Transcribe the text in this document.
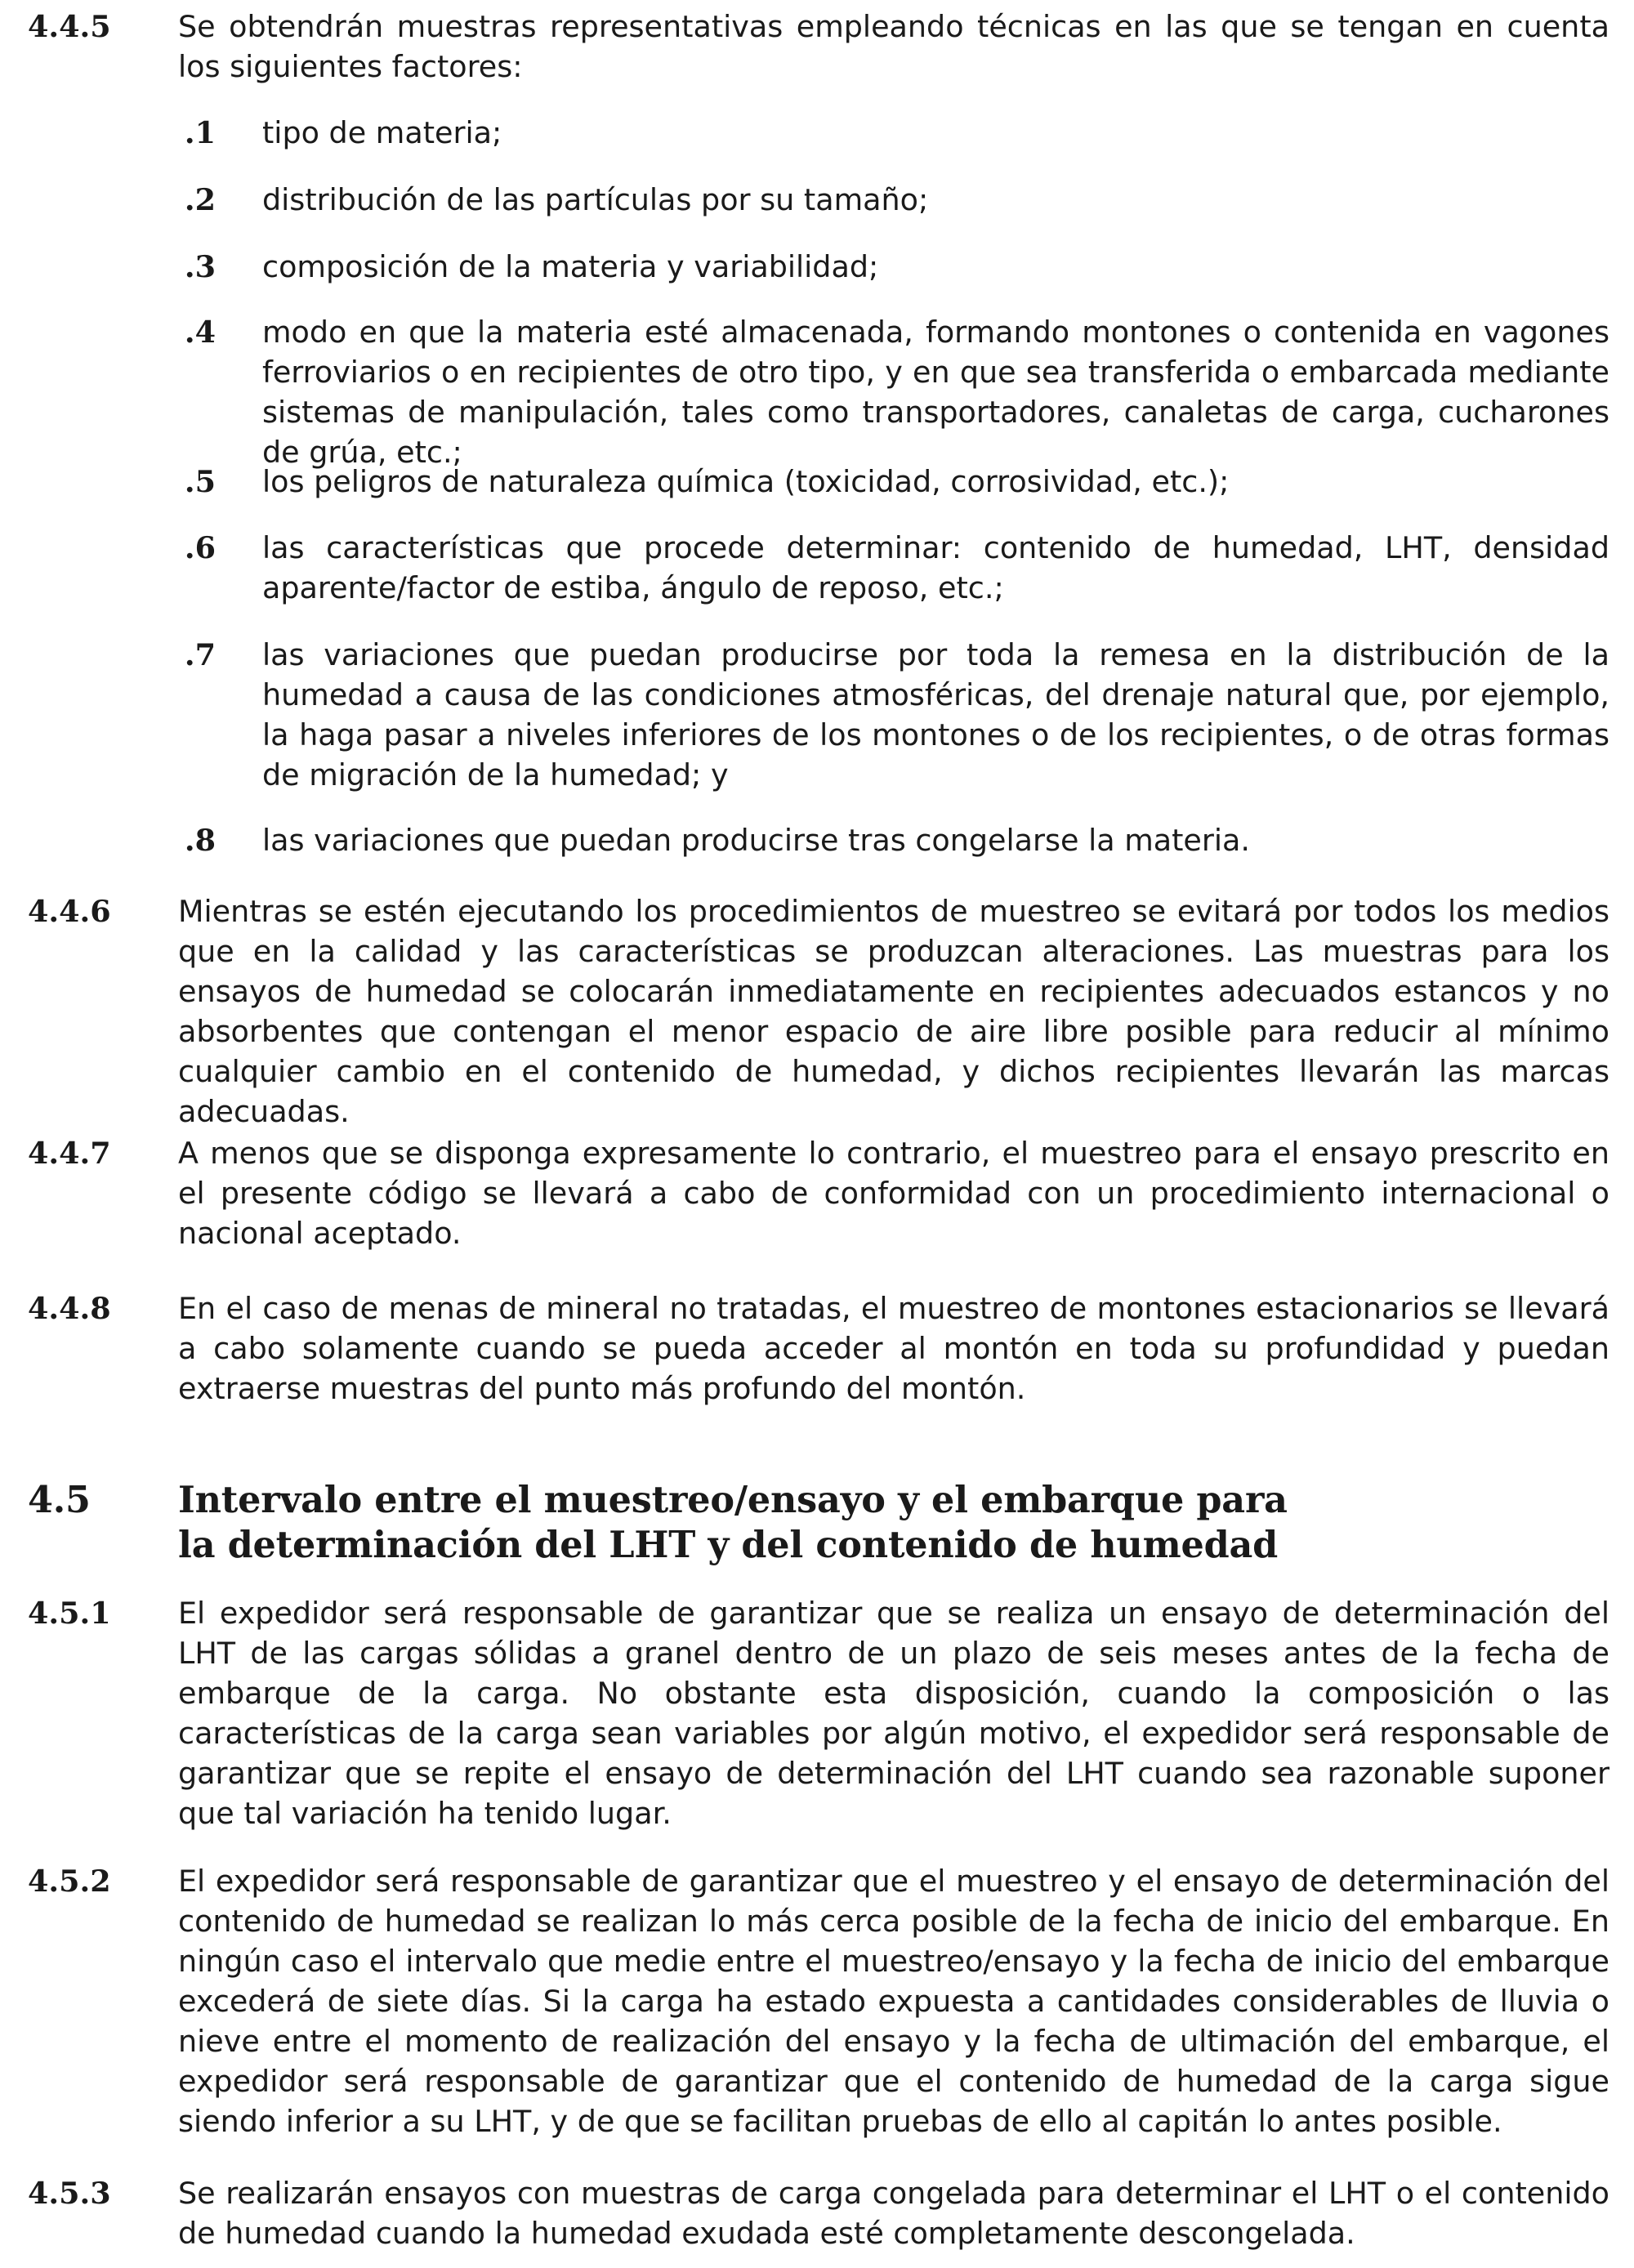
4.4.5 Se obtendrán muestras representativas empleando técnicas en las que se tengan en cuenta los siguientes factores:
.1 tipo de materia;
.2 distribución de las partículas por su tamaño;
.3 composición de la materia y variabilidad;
.4 modo en que la materia esté almacenada, formando montones o contenida en vagones ferroviarios o en recipientes de otro tipo, y en que sea transferida o embarcada mediante sistemas de manipulación, tales como transportadores, canaletas de carga, cucharones de grúa, etc.;
.5 los peligros de naturaleza química (toxicidad, corrosividad, etc.);
.6 las características que procede determinar: contenido de humedad, LHT, densidad aparente/factor de estiba, ángulo de reposo, etc.;
.7 las variaciones que puedan producirse por toda la remesa en la distribución de la humedad a causa de las condiciones atmosféricas, del drenaje natural que, por ejemplo, la haga pasar a niveles inferiores de los montones o de los recipientes, o de otras formas de migración de la humedad; y
.8 las variaciones que puedan producirse tras congelarse la materia.
4.4.6 Mientras se estén ejecutando los procedimientos de muestreo se evitará por todos los medios que en la calidad y las características se produzcan alteraciones. Las muestras para los ensayos de humedad se colocarán inmediatamente en recipientes adecuados estancos y no absorbentes que contengan el menor espacio de aire libre posible para reducir al mínimo cualquier cambio en el contenido de humedad, y dichos recipientes llevarán las marcas adecuadas.
4.4.7 A menos que se disponga expresamente lo contrario, el muestreo para el ensayo prescrito en el presente código se llevará a cabo de conformidad con un procedimiento internacional o nacional aceptado.
4.4.8 En el caso de menas de mineral no tratadas, el muestreo de montones estacionarios se llevará a cabo solamente cuando se pueda acceder al montón en toda su profundidad y puedan extraerse muestras del punto más profundo del montón.
4.5 Intervalo entre el muestreo/ensayo y el embarque para
la determinación del LHT y del contenido de humedad
4.5.1 El expedidor será responsable de garantizar que se realiza un ensayo de determinación del LHT de las cargas sólidas a granel dentro de un plazo de seis meses antes de la fecha de embarque de la carga. No obstante esta disposición, cuando la composición o las características de la carga sean variables por algún motivo, el expedidor será responsable de garantizar que se repite el ensayo de determinación del LHT cuando sea razonable suponer que tal variación ha tenido lugar.
4.5.2 El expedidor será responsable de garantizar que el muestreo y el ensayo de determinación del contenido de humedad se realizan lo más cerca posible de la fecha de inicio del embarque. En ningún caso el intervalo que medie entre el muestreo/ensayo y la fecha de inicio del embarque excederá de siete días. Si la carga ha estado expuesta a cantidades considerables de lluvia o nieve entre el momento de realización del ensayo y la fecha de ultimación del embarque, el expedidor será responsable de garantizar que el contenido de humedad de la carga sigue siendo inferior a su LHT, y de que se facilitan pruebas de ello al capitán lo antes posible.
4.5.3 Se realizarán ensayos con muestras de carga congelada para determinar el LHT o el contenido de humedad cuando la humedad exudada esté completamente descongelada.
